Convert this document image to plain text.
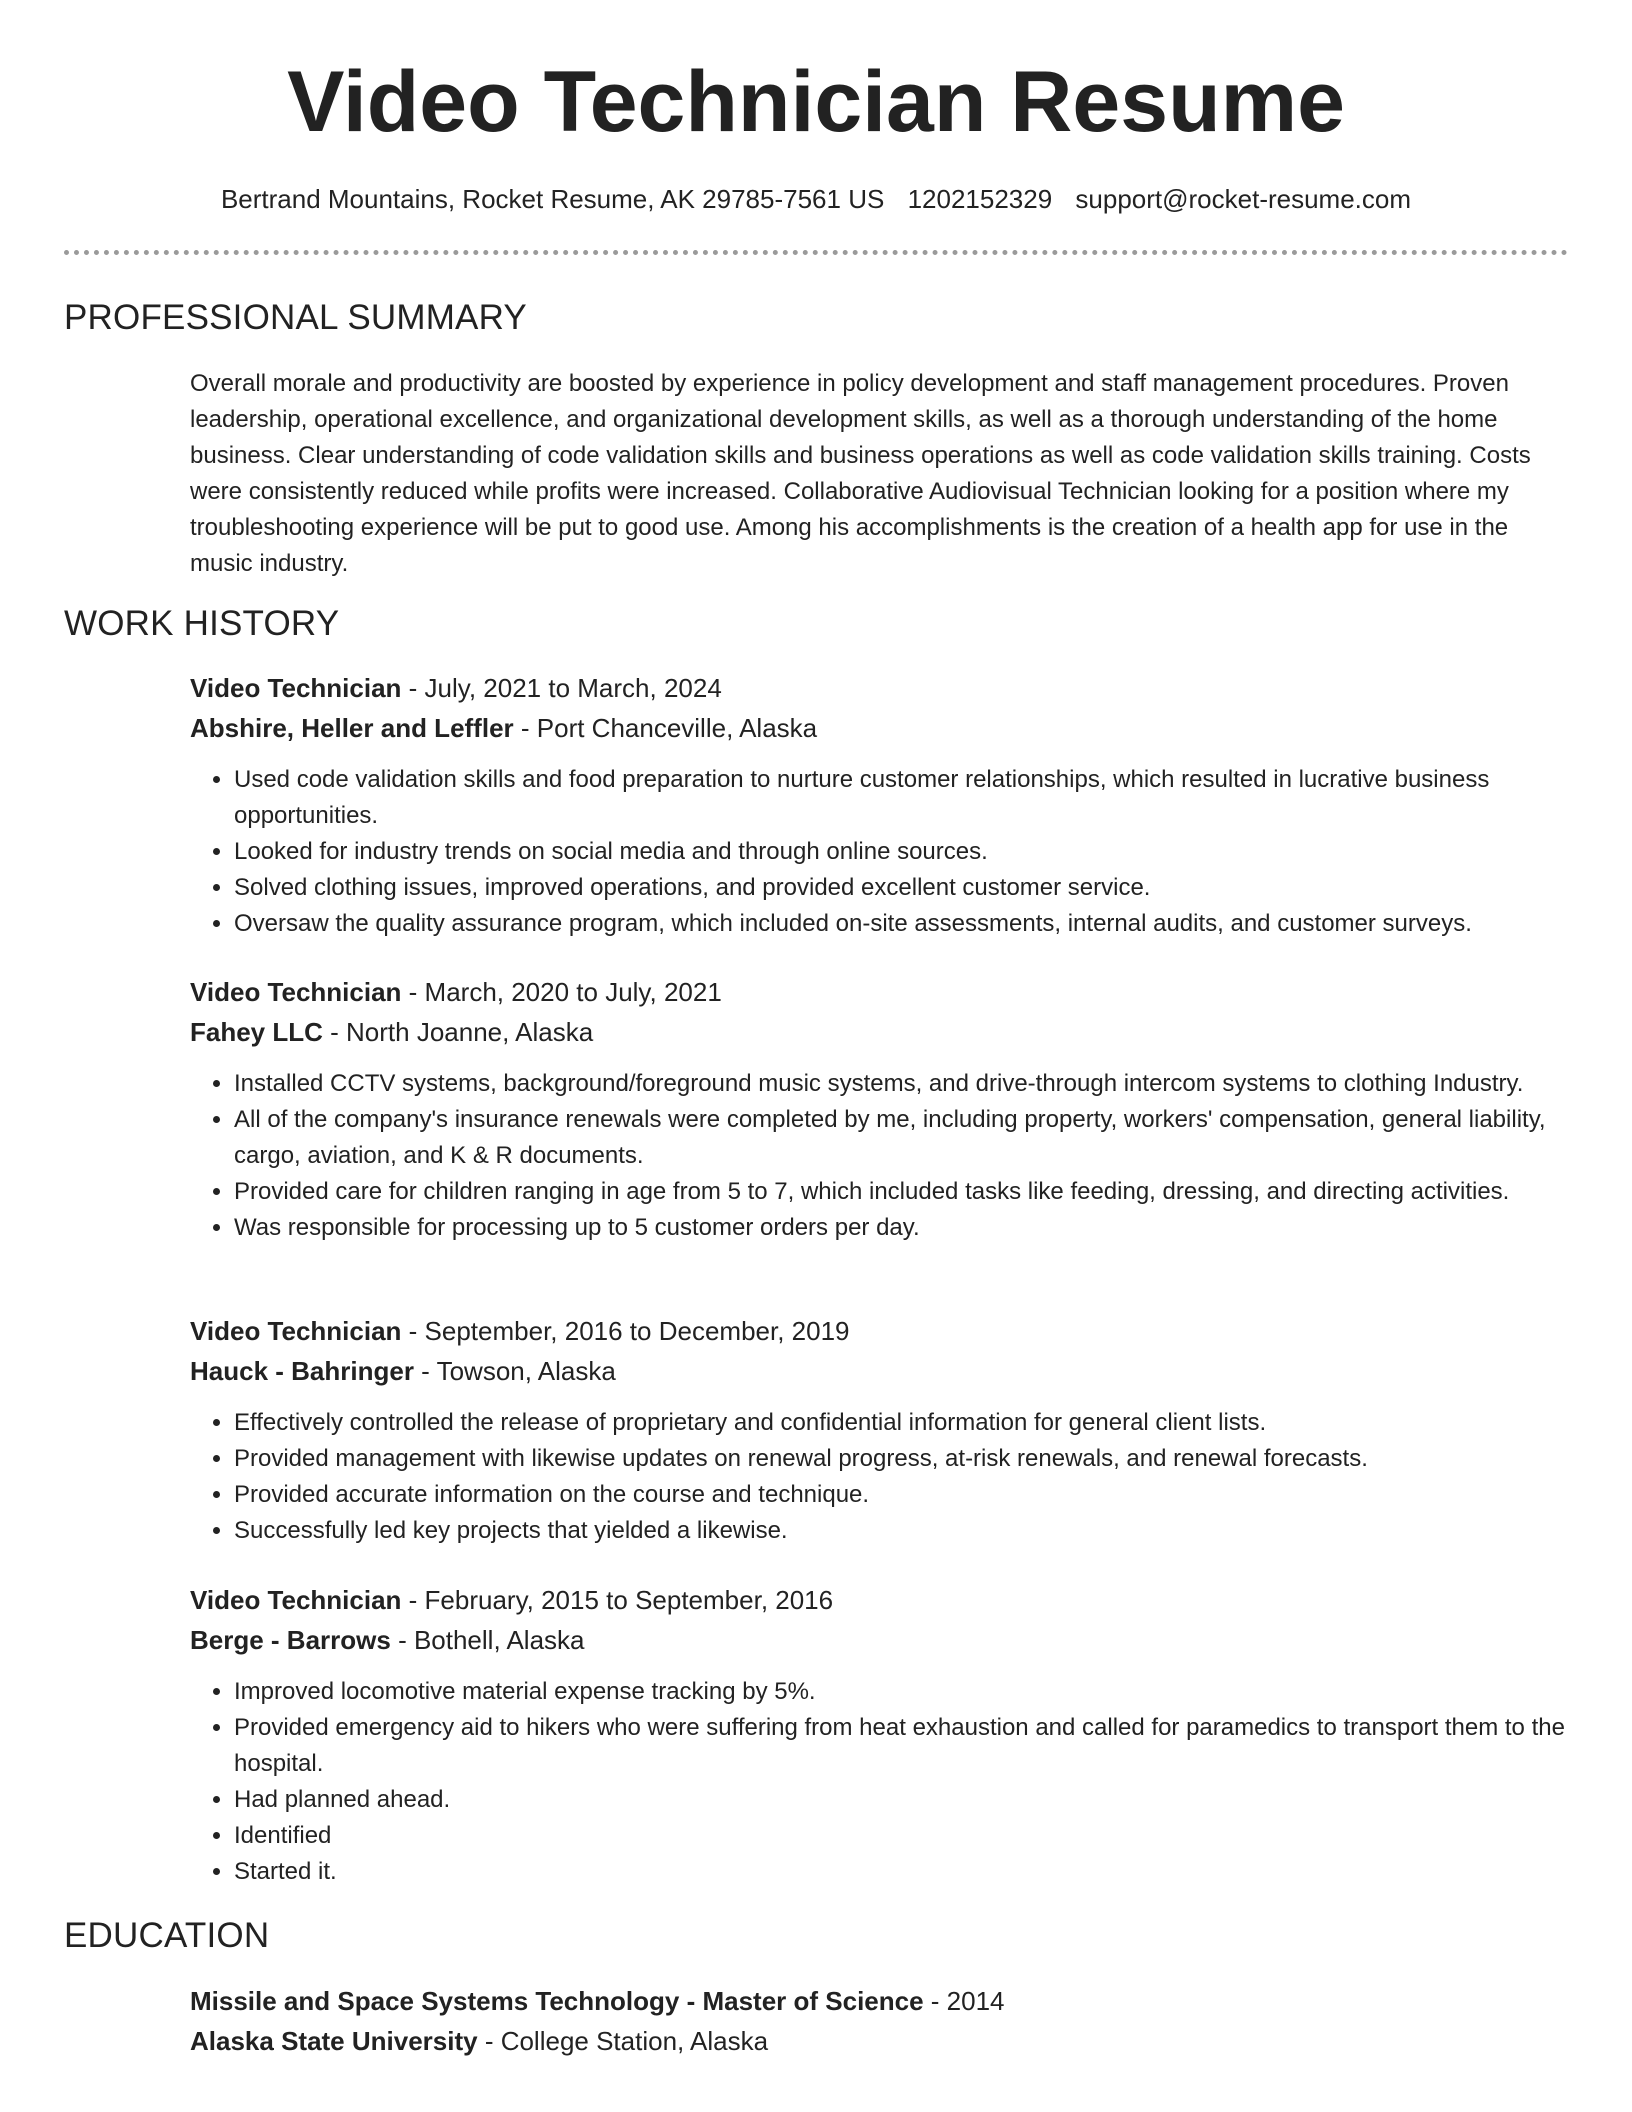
Video Technician Resume
Bertrand Mountains, Rocket Resume, AK 29785-7561 US 1202152329 support@rocket-resume.com
PROFESSIONAL SUMMARY

Overall morale and productivity are boosted by experience in policy development and staff management procedures. Proven leadership, operational excellence, and organizational development skills, as well as a thorough understanding of the home business. Clear understanding of code validation skills and business operations as well as code validation skills training. Costs were consistently reduced while profits were increased. Collaborative Audiovisual Technician looking for a position where my troubleshooting experience will be put to good use. Among his accomplishments is the creation of a health app for use in the music industry.

WORK HISTORY

Video Technician - July, 2021 to March, 2024

Abshire, Heller and Leffler - Port Chanceville, Alaska

• Used code validation skills and food preparation to nurture customer relationships, which resulted in lucrative business opportunities.
• Looked for industry trends on social media and through online sources.
• Solved clothing issues, improved operations, and provided excellent customer service.
• Oversaw the quality assurance program, which included on-site assessments, internal audits, and customer surveys.

Video Technician - March, 2020 to July, 2021

Fahey LLC - North Joanne, Alaska

• Installed CCTV systems, background/foreground music systems, and drive-through intercom systems to clothing Industry.
• All of the company's insurance renewals were completed by me, including property, workers' compensation, general liability, cargo, aviation, and K & R documents.
• Provided care for children ranging in age from 5 to 7, which included tasks like feeding, dressing, and directing activities.
• Was responsible for processing up to 5 customer orders per day.

Video Technician - September, 2016 to December, 2019

Hauck - Bahringer - Towson, Alaska

• Effectively controlled the release of proprietary and confidential information for general client lists.
• Provided management with likewise updates on renewal progress, at-risk renewals, and renewal forecasts.
• Provided accurate information on the course and technique.
• Successfully led key projects that yielded a likewise.

Video Technician - February, 2015 to September, 2016

Berge - Barrows - Bothell, Alaska

• Improved locomotive material expense tracking by 5%.
• Provided emergency aid to hikers who were suffering from heat exhaustion and called for paramedics to transport them to the hospital.
• Had planned ahead.
• Identified
• Started it.
EDUCATION

Missile and Space Systems Technology - Master of Science - 2014

Alaska State University - College Station, Alaska
